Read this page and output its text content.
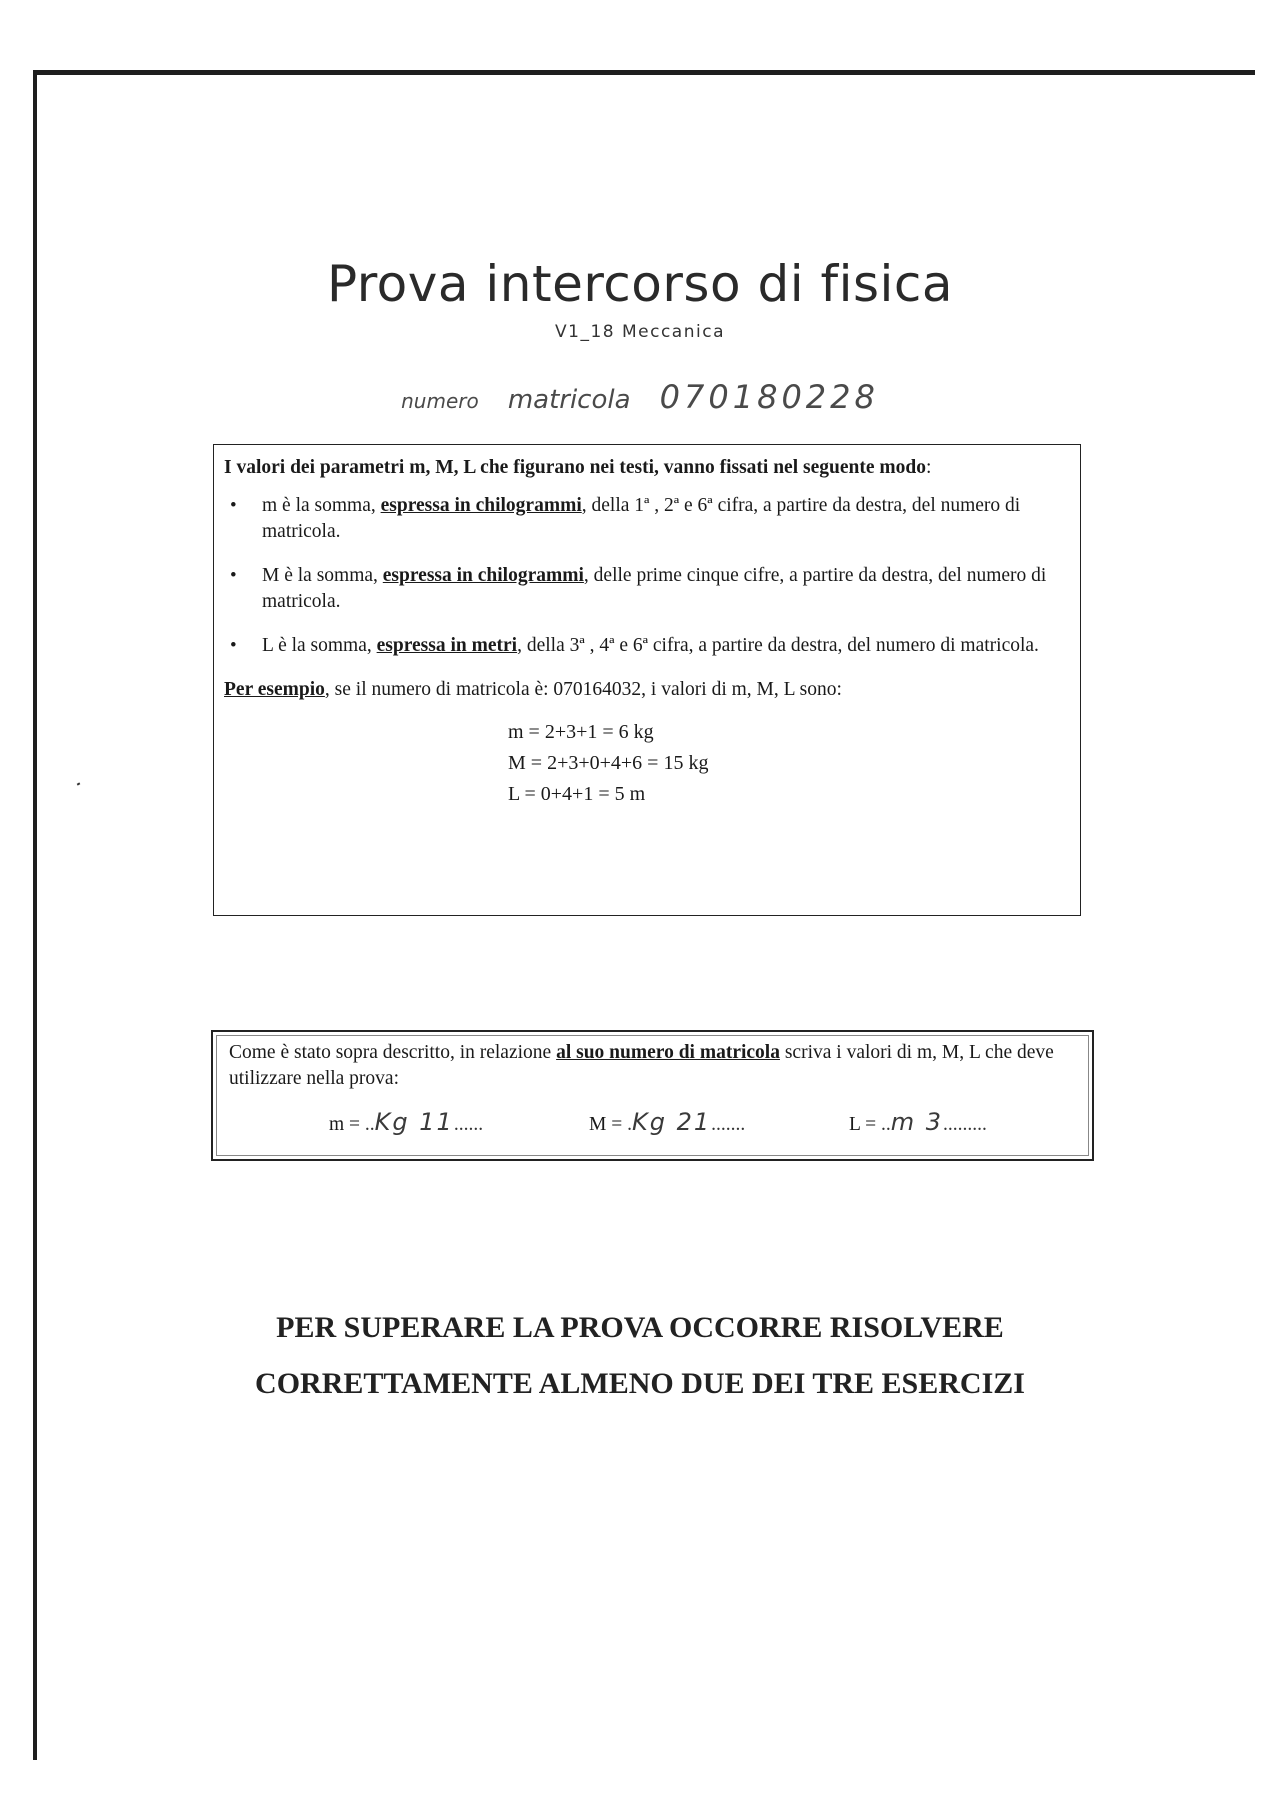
Prova intercorso di fisica
V1_18 Meccanica
numero matricola 070180228

I valori dei parametri m, M, L che figurano nei testi, vanno fissati nel seguente modo:

• m è la somma, espressa in chilogrammi, della 1ª , 2ª e 6ª cifra, a partire da destra, del numero di matricola.
• M è la somma, espressa in chilogrammi, delle prime cinque cifre, a partire da destra, del numero di matricola.
• L è la somma, espressa in metri, della 3ª , 4ª e 6ª cifra, a partire da destra, del numero di matricola.
Per esempio, se il numero di matricola è: 070164032, i valori di m, M, L sono:
m = 2+3+1 = 6 kg
M = 2+3+0+4+6 = 15 kg
L = 0+4+1 = 5 m
Come è stato sopra descritto, in relazione al suo numero di matricola scriva i valori di m, M, L che deve utilizzare nella prova:
m = ..Kg 11......	M = .Kg 21.......	L = ..m 3.........
PER SUPERARE LA PROVA OCCORRE RISOLVERE
CORRETTAMENTE ALMENO DUE DEI TRE ESERCIZI
